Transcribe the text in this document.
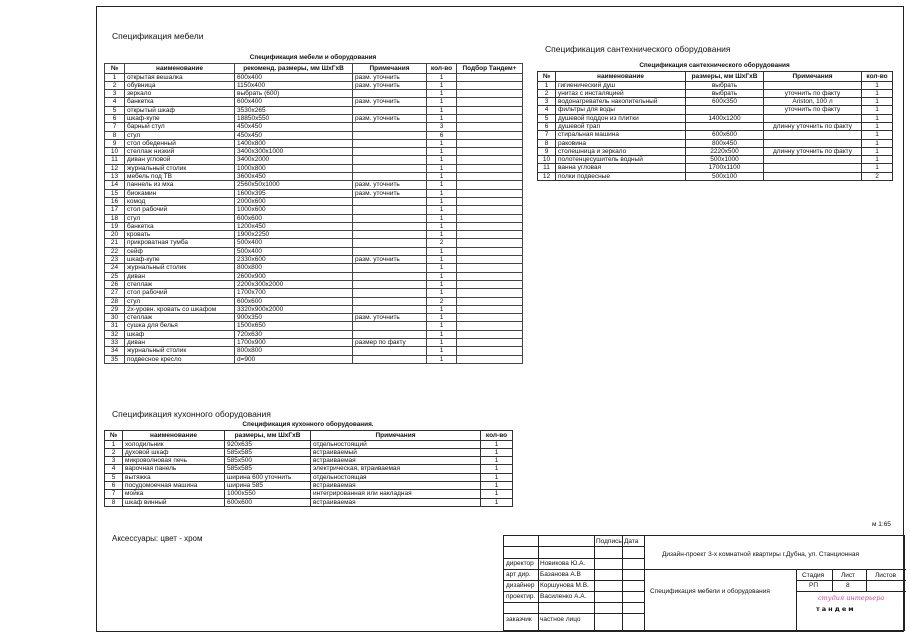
Спецификация мебели
Спецификация мебели и оборудования
№	наименование	рекоменд. размеры, мм ШхГхВ	Примечания	кол-во	Подбор Тандем+
1	открытая вешалка	600х400	разм. уточнить	1	
2	обувница	1150х400	разм. уточнить	1	
3	зеркало	выбрать (600)		1	
4	банкетка	600х400	разм. уточнить	1	
5	открытый шкаф	3530х265		1	
6	шкаф-купе	18850х550	разм. уточнить	1	
7	барный стул	450х450		3	
8	стул	450х450		6	
9	стол обеденный	1400х800		1	
10	стеллаж низкий	3400х300х1000		1	
11	диван угловой	3400х2000		1	
12	журнальный столик	1000х800		1	
13	мебель под ТВ	3600х450		1	
14	паннель из мха	2560х50х1000	разм. уточнить	1	
15	биокамин	1600х395	разм. уточнить	1	
16	комод	2000х600		1	
17	стол рабочий	1000х600		1	
18	стул	600х600		1	
19	банкетка	1200х450		1	
20	кровать	1900х2250		1	
21	прикроватная тумба	500х400		2	
22	сейф	500х400		1	
23	шкаф-купе	2330х600	разм. уточнить	1	
24	журнальный столик	800х800		1	
25	диван	2600х900		1	
26	стеллаж	2200х300х2000		1	
27	стол рабочий	1700х700		1	
28	стул	600х600		2	
29	2х-уровн. кровать со шкафом	3320х900х2000		1	
30	стеллаж	900х350	разм. уточнить	1	
31	сушка для белья	1500х650		1	
32	шкаф	720х630		1	
33	диван	1700х900	размер по факту	1	
34	журнальный столик	800х800		1	
35	подвесное кресло	d=900		1	
Спецификация сантехнического оборудования
Спецификация сантехнического оборудования
№	наименование	размеры, мм ШхГхВ	Примечания	кол-во
1	гигиенический душ	выбрать		1
2	унитаз с инсталяцией	выбрать	уточнить по факту	1
3	водонагреватель накопительный	600х350	Ariston, 100 л	1
4	фильтры для воды		уточнить по факту	1
5	душевой поддон из плитки	1400х1200		1
6	душевой трап		длинну уточнить по факту	1
7	стиральная машина	600х600		1
8	раковина	800х450		1
9	столешница и зеркало	2220х500	длинну уточнить по факту	1
10	полотенцесушитель водный	500х1000		1
11	ванна угловая	1700х1100		1
12	полки подвесные	500х100		2
Спецификация кухонного оборудования
Спецификация кухонного оборудования.
№	наименование	размеры, мм ШхГхВ	Примечания	кол-во
1	холодильник	920х635	отдельностоящий	1
2	духовой шкаф	585х585	встраиваемый	1
3	микроволновая печь	585х500	встраиваемая	1
4	варочная панель	585х585	электрическая, втраиваемая	1
5	вытяжка	ширина 600 уточнить	отдельностоящая	1
6	посудомоечная машина	ширина 585	встраиваемая	1
7	мойка	1000х550	интегрированная или накладная	1
8	шкаф винный	600х600	встраиваемая	1
Аксессуары: цвет - хром
м 1:65
Подпись Дата
Дизайн-проект 3-х комнатной квартиры г.Дубна, ул. Станционная
директор Новикова Ю.А.
арт дир. Базанова А.В
дизайнер Коршунова М.В.
проектир. Василенко А.А.
заказчик частное лицо
Спецификация мебели и оборудования
Стадия	Лист	Листов
РП	8
студия интерьера
тандем
